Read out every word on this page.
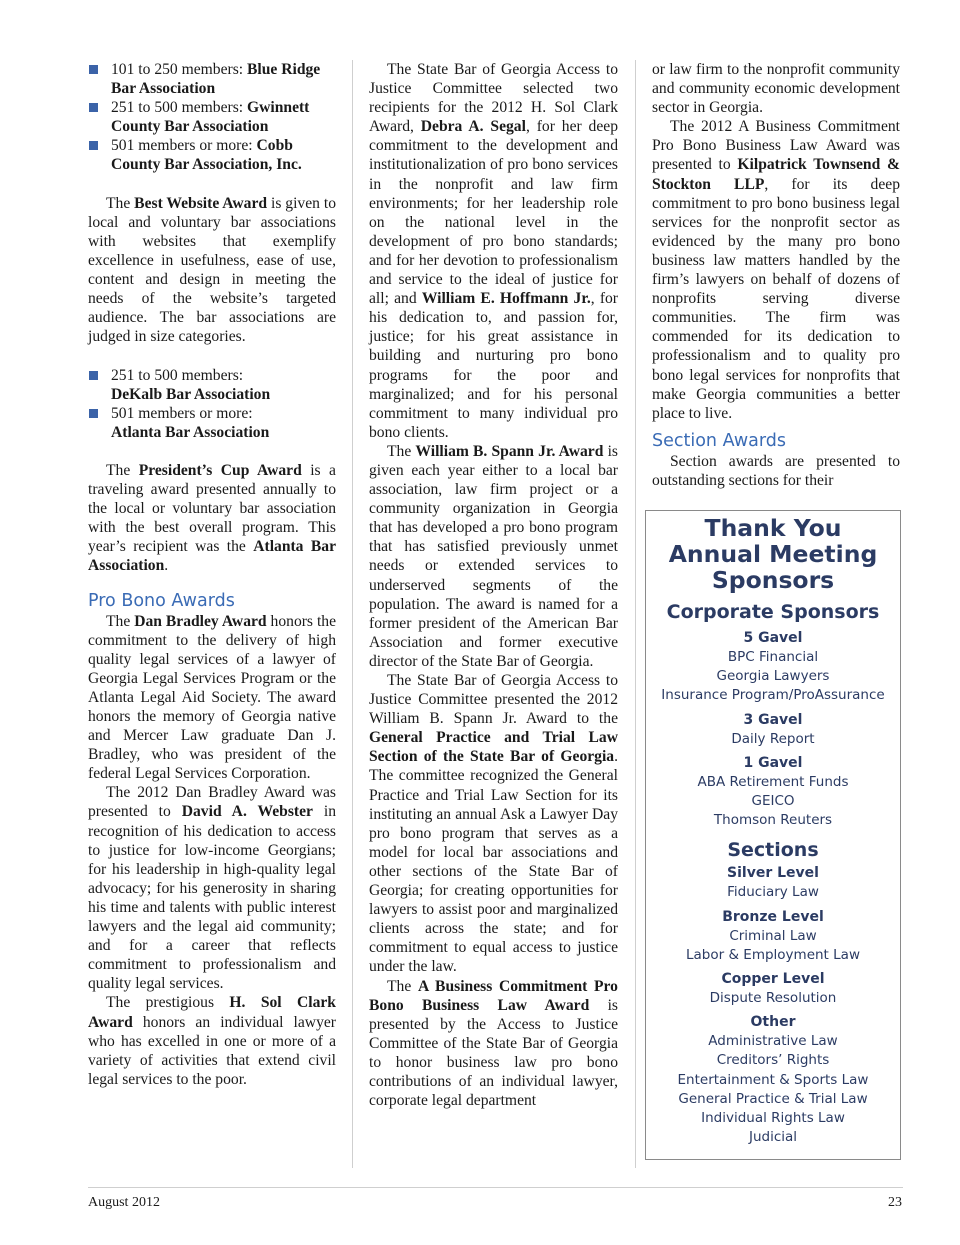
101 to 250 members: Blue Ridge Bar Association
251 to 500 members: Gwinnett County Bar Association
501 members or more: Cobb County Bar Association, Inc.

The Best Website Award is given to local and voluntary bar associations with websites that exemplify excellence in usefulness, ease of use, content and design in meeting the needs of the website’s targeted audience. The bar associations are judged in size categories.

251 to 500 members:
DeKalb Bar Association
501 members or more:
Atlanta Bar Association

The President’s Cup Award is a traveling award presented annually to the local or voluntary bar association with the best overall program. This year’s recipient was the Atlanta Bar Association.

Pro Bono Awards

The Dan Bradley Award honors the commitment to the delivery of high quality legal services of a lawyer of Georgia Legal Services Program or the Atlanta Legal Aid Society. The award honors the memory of Georgia native and Mercer Law graduate Dan J. Bradley, who was president of the federal Legal Services Corporation.

The 2012 Dan Bradley Award was presented to David A. Webster in recognition of his dedication to access to justice for low-income Georgians; for his leadership in high-quality legal advocacy; for his generosity in sharing his time and talents with public interest lawyers and the legal aid community; and for a career that reflects commitment to professionalism and quality legal services.

The prestigious H. Sol Clark Award honors an individual lawyer who has excelled in one or more of a variety of activities that extend civil legal services to the poor.

The State Bar of Georgia Access to Justice Committee selected two recipients for the 2012 H. Sol Clark Award, Debra A. Segal, for her deep commitment to the development and institutionalization of pro bono services in the nonprofit and law firm environments; for her leadership role on the national level in the development of pro bono standards; and for her devotion to professionalism and service to the ideal of justice for all; and William E. Hoffmann Jr., for his dedication to, and passion for, justice; for his great assistance in building and nurturing pro bono programs for the poor and marginalized; and for his personal commitment to many individual pro bono clients.

The William B. Spann Jr. Award is given each year either to a local bar association, law firm project or a community organization in Georgia that has developed a pro bono program that has satisfied previously unmet needs or extended services to underserved segments of the population. The award is named for a former president of the American Bar Association and former executive director of the State Bar of Georgia.

The State Bar of Georgia Access to Justice Committee presented the 2012 William B. Spann Jr. Award to the General Practice and Trial Law Section of the State Bar of Georgia. The committee recognized the General Practice and Trial Law Section for its instituting an annual Ask a Lawyer Day pro bono program that serves as a model for local bar associations and other sections of the State Bar of Georgia; for creating opportunities for lawyers to assist poor and marginalized clients across the state; and for commitment to equal access to justice under the law.

The A Business Commitment Pro Bono Business Law Award is presented by the Access to Justice Committee of the State Bar of Georgia to honor business law pro bono contributions of an individual lawyer, corporate legal department

or law firm to the nonprofit community and community economic development sector in Georgia.

The 2012 A Business Commitment Pro Bono Business Law Award was presented to Kilpatrick Townsend & Stockton LLP, for its deep commitment to pro bono business legal services for the nonprofit sector as evidenced by the many pro bono business law matters handled by the firm’s lawyers on behalf of dozens of nonprofits serving diverse communities. The firm was commended for its dedication to professionalism and to quality pro bono legal services for nonprofits that make Georgia communities a better place to live.

Section Awards

Section awards are presented to outstanding sections for their

Thank You
Annual Meeting
Sponsors
Corporate Sponsors
5 Gavel
BPC Financial
Georgia Lawyers
Insurance Program/ProAssurance
3 Gavel
Daily Report
1 Gavel
ABA Retirement Funds
GEICO
Thomson Reuters
Sections
Silver Level
Fiduciary Law
Bronze Level
Criminal Law
Labor & Employment Law
Copper Level
Dispute Resolution
Other
Administrative Law
Creditors’ Rights
Entertainment & Sports Law
General Practice & Trial Law
Individual Rights Law
Judicial
August 2012	23
